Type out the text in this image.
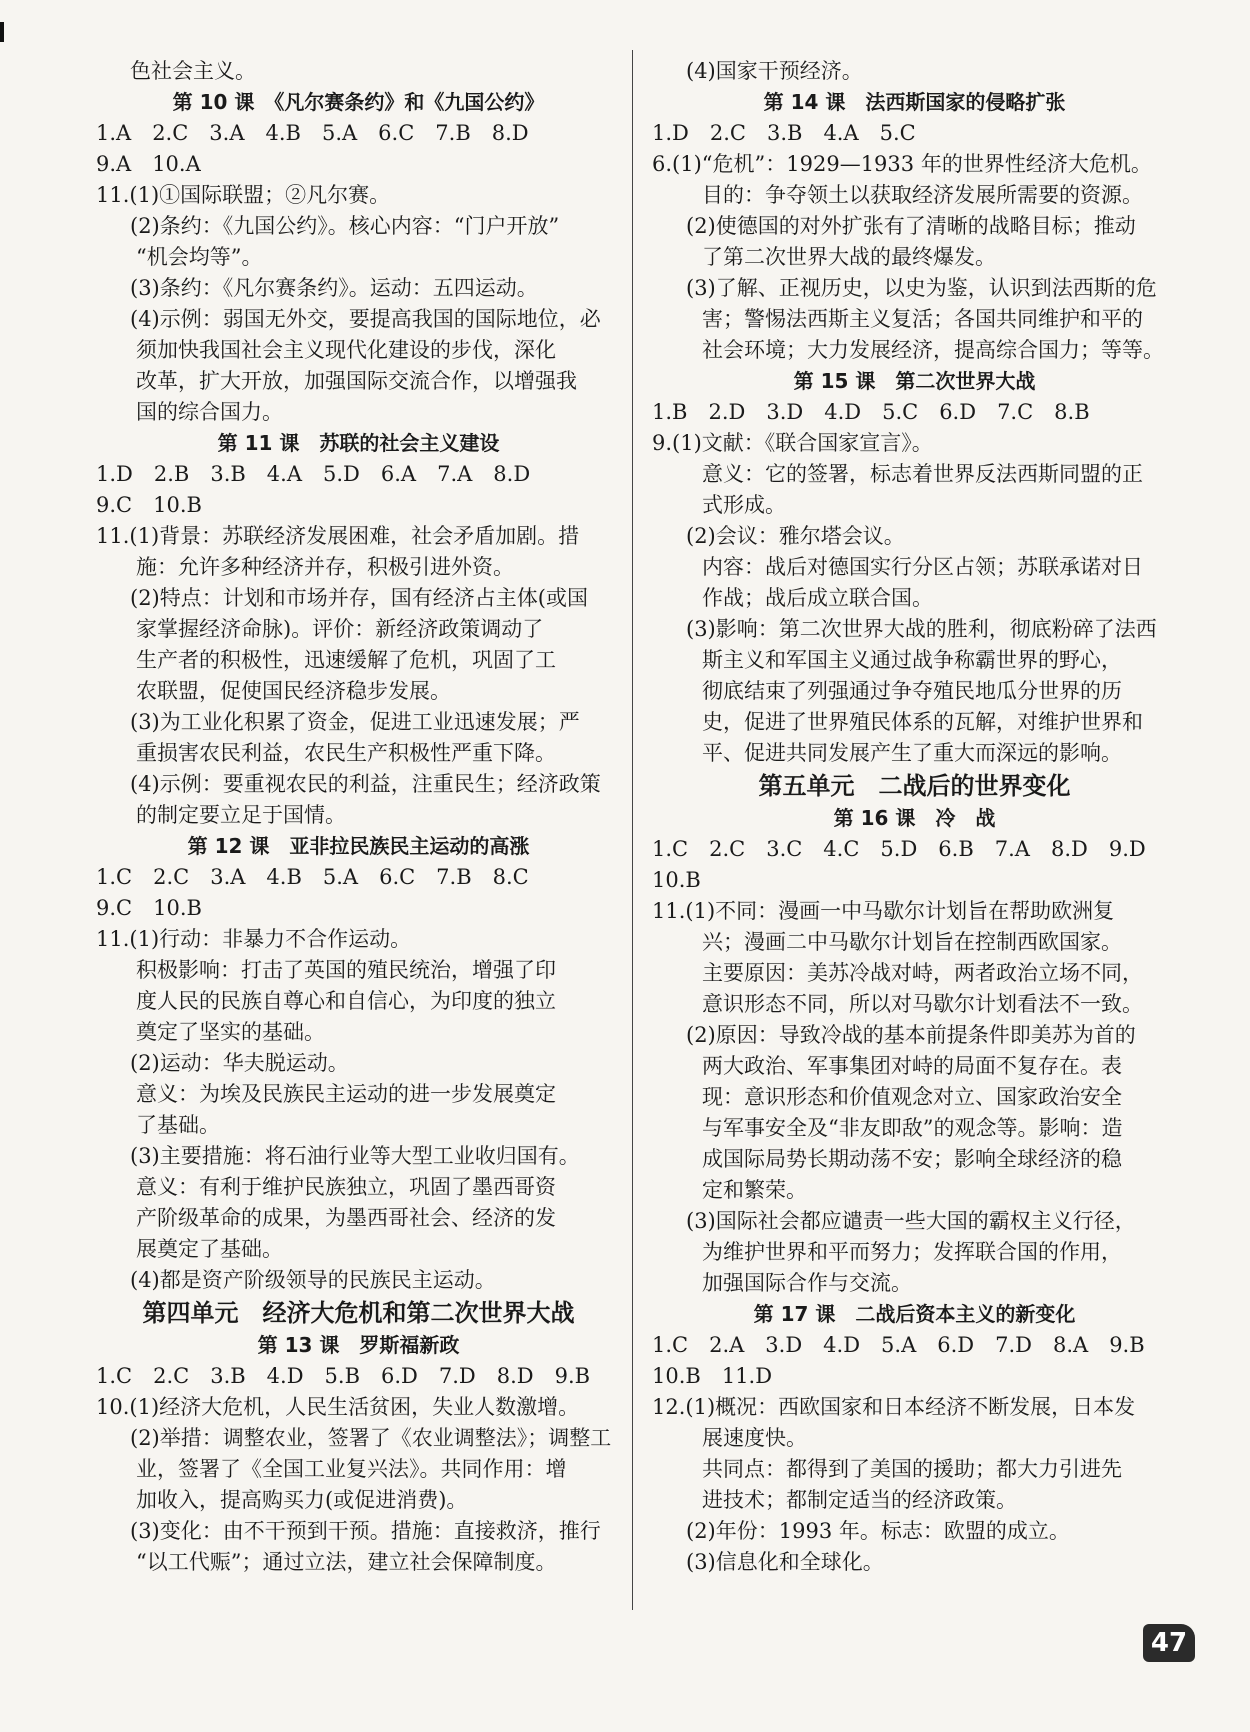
色社会主义。
第 10 课　《凡尔赛条约》和《九国公约》
1.A　2.C　3.A　4.B　5.A　6.C　7.B　8.D
9.A　10.A
11.(1)①国际联盟；②凡尔赛。
(2)条约：《九国公约》。核心内容：“门户开放”
“机会均等”。
(3)条约：《凡尔赛条约》。运动：五四运动。
(4)示例：弱国无外交，要提高我国的国际地位，必
须加快我国社会主义现代化建设的步伐，深化
改革，扩大开放，加强国际交流合作，以增强我
国的综合国力。
第 11 课　苏联的社会主义建设
1.D　2.B　3.B　4.A　5.D　6.A　7.A　8.D
9.C　10.B
11.(1)背景：苏联经济发展困难，社会矛盾加剧。措
施：允许多种经济并存，积极引进外资。
(2)特点：计划和市场并存，国有经济占主体(或国
家掌握经济命脉)。评价：新经济政策调动了
生产者的积极性，迅速缓解了危机，巩固了工
农联盟，促使国民经济稳步发展。
(3)为工业化积累了资金，促进工业迅速发展；严
重损害农民利益，农民生产积极性严重下降。
(4)示例：要重视农民的利益，注重民生；经济政策
的制定要立足于国情。
第 12 课　亚非拉民族民主运动的高涨
1.C　2.C　3.A　4.B　5.A　6.C　7.B　8.C
9.C　10.B
11.(1)行动：非暴力不合作运动。
积极影响：打击了英国的殖民统治，增强了印
度人民的民族自尊心和自信心，为印度的独立
奠定了坚实的基础。
(2)运动：华夫脱运动。
意义：为埃及民族民主运动的进一步发展奠定
了基础。
(3)主要措施：将石油行业等大型工业收归国有。
意义：有利于维护民族独立，巩固了墨西哥资
产阶级革命的成果，为墨西哥社会、经济的发
展奠定了基础。
(4)都是资产阶级领导的民族民主运动。
第四单元　经济大危机和第二次世界大战
第 13 课　罗斯福新政
1.C　2.C　3.B　4.D　5.B　6.D　7.D　8.D　9.B
10.(1)经济大危机，人民生活贫困，失业人数激增。
(2)举措：调整农业，签署了《农业调整法》；调整工
业，签署了《全国工业复兴法》。共同作用：增
加收入，提高购买力(或促进消费)。
(3)变化：由不干预到干预。措施：直接救济，推行
“以工代赈”；通过立法，建立社会保障制度。
(4)国家干预经济。
第 14 课　法西斯国家的侵略扩张
1.D　2.C　3.B　4.A　5.C
6.(1)“危机”：1929—1933 年的世界性经济大危机。
目的：争夺领土以获取经济发展所需要的资源。
(2)使德国的对外扩张有了清晰的战略目标；推动
了第二次世界大战的最终爆发。
(3)了解、正视历史，以史为鉴，认识到法西斯的危
害；警惕法西斯主义复活；各国共同维护和平的
社会环境；大力发展经济，提高综合国力；等等。
第 15 课　第二次世界大战
1.B　2.D　3.D　4.D　5.C　6.D　7.C　8.B
9.(1)文献：《联合国家宣言》。
意义：它的签署，标志着世界反法西斯同盟的正
式形成。
(2)会议：雅尔塔会议。
内容：战后对德国实行分区占领；苏联承诺对日
作战；战后成立联合国。
(3)影响：第二次世界大战的胜利，彻底粉碎了法西
斯主义和军国主义通过战争称霸世界的野心，
彻底结束了列强通过争夺殖民地瓜分世界的历
史，促进了世界殖民体系的瓦解，对维护世界和
平、促进共同发展产生了重大而深远的影响。
第五单元　二战后的世界变化
第 16 课　冷　战
1.C　2.C　3.C　4.C　5.D　6.B　7.A　8.D　9.D
10.B
11.(1)不同：漫画一中马歇尔计划旨在帮助欧洲复
兴；漫画二中马歇尔计划旨在控制西欧国家。
主要原因：美苏冷战对峙，两者政治立场不同，
意识形态不同，所以对马歇尔计划看法不一致。
(2)原因：导致冷战的基本前提条件即美苏为首的
两大政治、军事集团对峙的局面不复存在。表
现：意识形态和价值观念对立、国家政治安全
与军事安全及“非友即敌”的观念等。影响：造
成国际局势长期动荡不安；影响全球经济的稳
定和繁荣。
(3)国际社会都应谴责一些大国的霸权主义行径，
为维护世界和平而努力；发挥联合国的作用，
加强国际合作与交流。
第 17 课　二战后资本主义的新变化
1.C　2.A　3.D　4.D　5.A　6.D　7.D　8.A　9.B
10.B　11.D
12.(1)概况：西欧国家和日本经济不断发展，日本发
展速度快。
共同点：都得到了美国的援助；都大力引进先
进技术；都制定适当的经济政策。
(2)年份：1993 年。标志：欧盟的成立。
(3)信息化和全球化。
47
